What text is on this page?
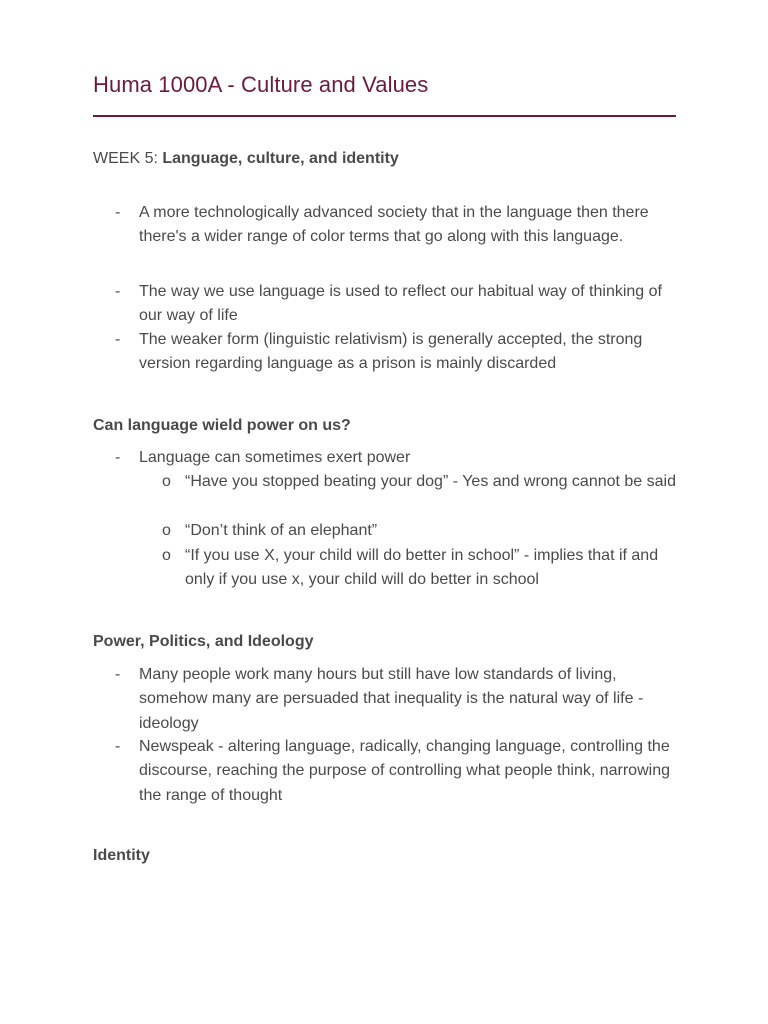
Huma 1000A - Culture and Values
WEEK 5: Language, culture, and identity
-	A more technologically advanced society that in the language then there there's a wider range of color terms that go along with this language.
-	The way we use language is used to reflect our habitual way of thinking of our way of life
-	The weaker form (linguistic relativism) is generally accepted, the strong version regarding language as a prison is mainly discarded
Can language wield power on us?
-	Language can sometimes exert power
o “Have you stopped beating your dog” - Yes and wrong cannot be said
o “Don’t think of an elephant”
o “If you use X, your child will do better in school” - implies that if and only if you use x, your child will do better in school
Power, Politics, and Ideology
-	Many people work many hours but still have low standards of living, somehow many are persuaded that inequality is the natural way of life - ideology
-	Newspeak - altering language, radically, changing language, controlling the discourse, reaching the purpose of controlling what people think, narrowing the range of thought
Identity
